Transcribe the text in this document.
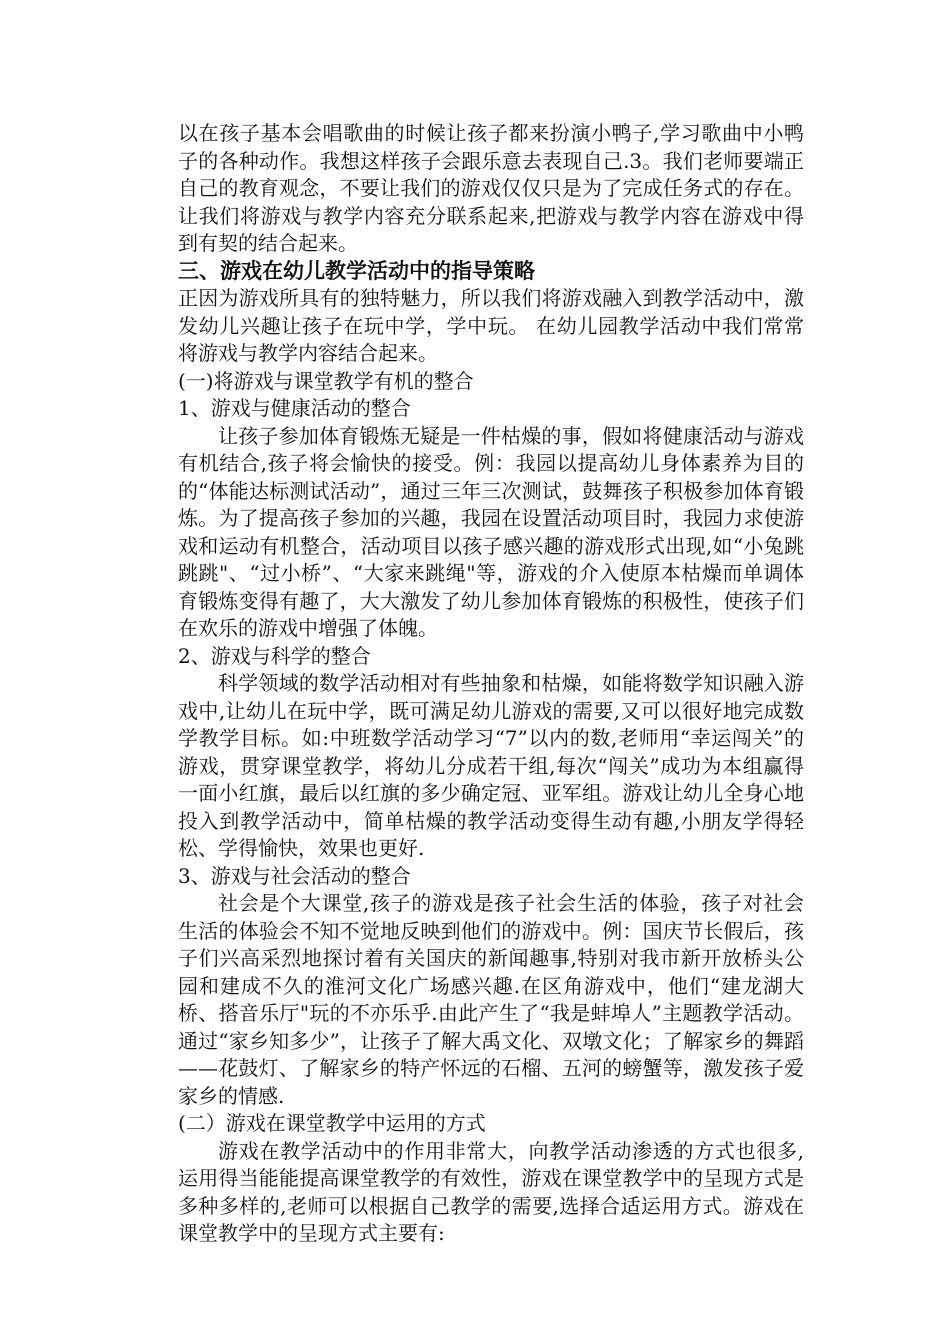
以在孩子基本会唱歌曲的时候让孩子都来扮演小鸭子,学习歌曲中小鸭子的各种动作。我想这样孩子会跟乐意去表现自己.3。我们老师要端正自己的教育观念，不要让我们的游戏仅仅只是为了完成任务式的存在。让我们将游戏与教学内容充分联系起来,把游戏与教学内容在游戏中得到有契的结合起来。

三、游戏在幼儿教学活动中的指导策略

正因为游戏所具有的独特魅力，所以我们将游戏融入到教学活动中，激发幼儿兴趣让孩子在玩中学，学中玩。 在幼儿园教学活动中我们常常将游戏与教学内容结合起来。

(一)将游戏与课堂教学有机的整合

1、游戏与健康活动的整合

让孩子参加体育锻炼无疑是一件枯燥的事，假如将健康活动与游戏有机结合,孩子将会愉快的接受。例：我园以提高幼儿身体素养为目的的“体能达标测试活动”，通过三年三次测试，鼓舞孩子积极参加体育锻炼。为了提高孩子参加的兴趣，我园在设置活动项目时，我园力求使游戏和运动有机整合，活动项目以孩子感兴趣的游戏形式出现,如“小兔跳跳跳"、“过小桥”、“大家来跳绳"等，游戏的介入使原本枯燥而单调体育锻炼变得有趣了，大大激发了幼儿参加体育锻炼的积极性，使孩子们在欢乐的游戏中增强了体魄。

2、游戏与科学的整合

科学领域的数学活动相对有些抽象和枯燥，如能将数学知识融入游戏中,让幼儿在玩中学，既可满足幼儿游戏的需要,又可以很好地完成数学教学目标。如:中班数学活动学习“7”以内的数,老师用“幸运闯关”的游戏，贯穿课堂教学，将幼儿分成若干组,每次“闯关”成功为本组赢得一面小红旗，最后以红旗的多少确定冠、亚军组。游戏让幼儿全身心地投入到教学活动中，简单枯燥的教学活动变得生动有趣,小朋友学得轻松、学得愉快，效果也更好.

3、游戏与社会活动的整合

社会是个大课堂,孩子的游戏是孩子社会生活的体验，孩子对社会生活的体验会不知不觉地反映到他们的游戏中。例：国庆节长假后，孩子们兴高采烈地探讨着有关国庆的新闻趣事,特别对我市新开放桥头公园和建成不久的淮河文化广场感兴趣.在区角游戏中，他们“建龙湖大桥、搭音乐厅"玩的不亦乐乎.由此产生了“我是蚌埠人”主题教学活动。通过“家乡知多少”，让孩子了解大禹文化、双墩文化；了解家乡的舞蹈——花鼓灯、了解家乡的特产怀远的石榴、五河的螃蟹等，激发孩子爱家乡的情感.

(二）游戏在课堂教学中运用的方式

游戏在教学活动中的作用非常大，向教学活动渗透的方式也很多,运用得当能能提高课堂教学的有效性，游戏在课堂教学中的呈现方式是多种多样的,老师可以根据自己教学的需要,选择合适运用方式。游戏在课堂教学中的呈现方式主要有:
